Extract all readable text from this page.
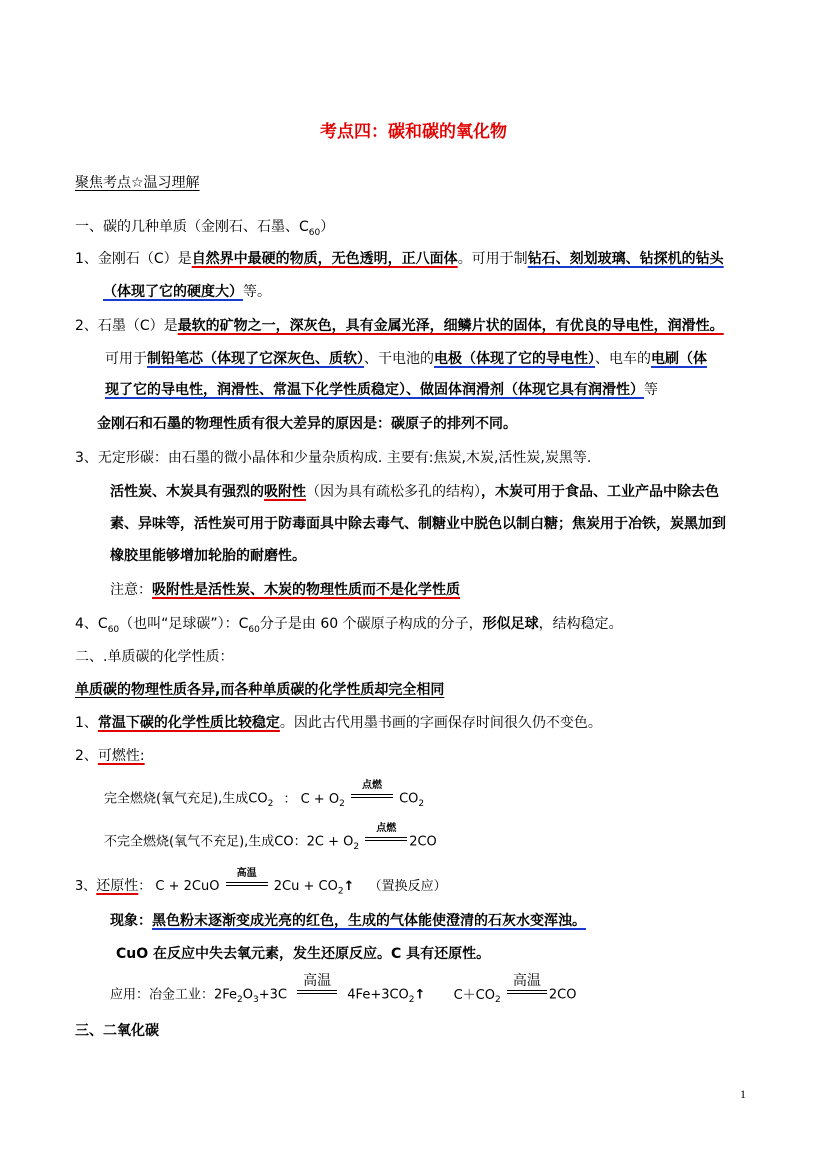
考点四：碳和碳的氧化物
聚焦考点☆温习理解
一、碳的几种单质（金刚石、石墨、$C_{60}$）
1、金刚石（C）是自然界中最硬的物质，无色透明，正八面体。可用于制钻石、刻划玻璃、钻探机的钻头
（体现了它的硬度大）等。
2、石墨（C）是最软的矿物之一，深灰色，具有金属光泽，细鳞片状的固体，有优良的导电性，润滑性。
可用于制铅笔芯（体现了它深灰色、质软）、干电池的电极（体现了它的导电性）、电车的电刷（体
现了它的导电性，润滑性、常温下化学性质稳定）、做固体润滑剂（体现它具有润滑性）等
金刚石和石墨的物理性质有很大差异的原因是：碳原子的排列不同。
3、无定形碳：由石墨的微小晶体和少量杂质构成. 主要有:焦炭,木炭,活性炭,炭黑等.
活性炭、木炭具有强烈的吸附性（因为具有疏松多孔的结构），木炭可用于食品、工业产品中除去色
素、异味等，活性炭可用于防毒面具中除去毒气、制糖业中脱色以制白糖；焦炭用于冶铁，炭黑加到
橡胶里能够增加轮胎的耐磨性。
注意：吸附性是活性炭、木炭的物理性质而不是化学性质
4、$C_{60}$（也叫“足球碳”）：$C_{60}$分子是由 60 个碳原子构成的分子，形似足球，结构稳定。
二、.单质碳的化学性质：
单质碳的物理性质各异,而各种单质碳的化学性质却完全相同
1、常温下碳的化学性质比较稳定。因此古代用墨书画的字画保存时间很久仍不变色。
2、可燃性:
完全燃烧(氧气充足),生成$CO_2$ ： $C + O_2$
点燃
$CO_2$
不完全燃烧(氧气不充足),生成CO：$2C + O_2$
点燃
2CO
3、还原性： C + 2CuO
高温
$2Cu + CO_2↑$ （置换反应）
现象：黑色粉末逐渐变成光亮的红色，生成的气体能使澄清的石灰水变浑浊。
CuO 在反应中失去氧元素，发生还原反应。C 具有还原性。
应用：冶金工业：$2Fe_2O_3+3C$
高温
$4Fe+3CO_2↑$ $C+CO_2$
高温
2CO
三、二氧化碳
1
